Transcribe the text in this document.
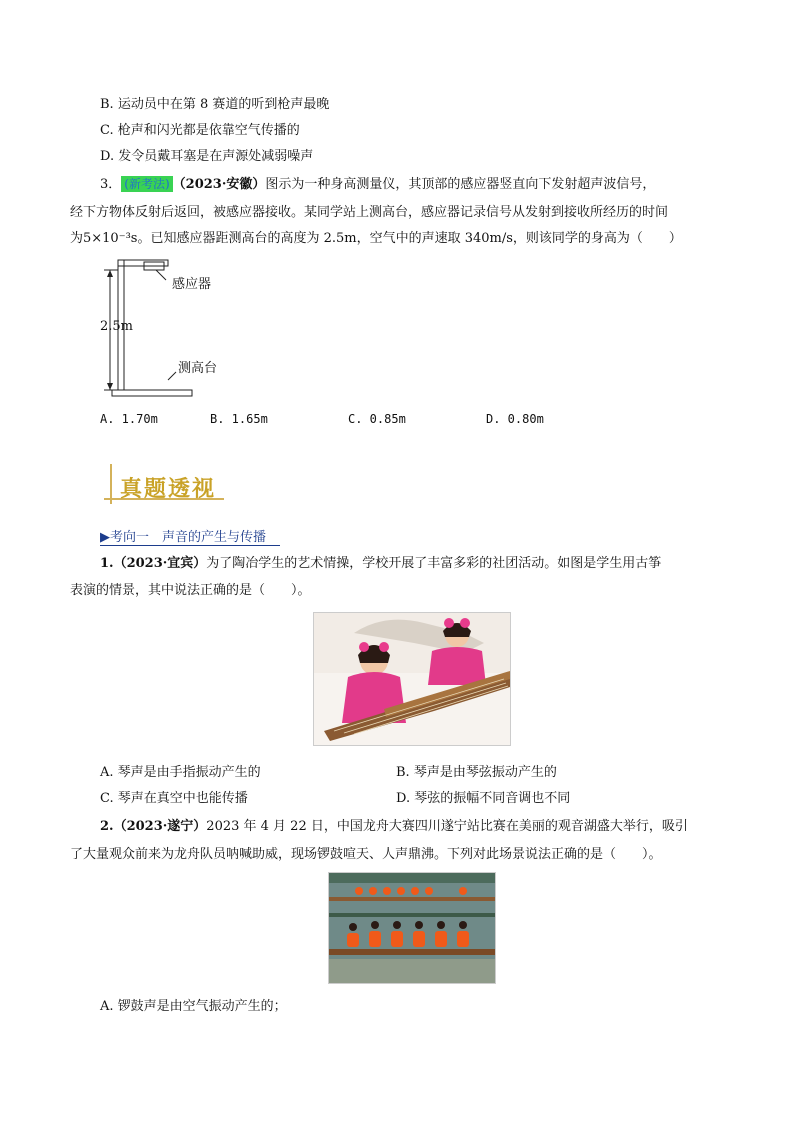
B. 运动员中在第 8 赛道的听到枪声最晚
C. 枪声和闪光都是依靠空气传播的
D. 发令员戴耳塞是在声源处减弱噪声
3． (新考法) （2023·安徽）图示为一种身高测量仪，其顶部的感应器竖直向下发射超声波信号，
经下方物体反射后返回，被感应器接收。某同学站上测高台，感应器记录信号从发射到接收所经历的时间
为5×10⁻³s。已知感应器距测高台的高度为 2.5m，空气中的声速取 340m/s，则该同学的身高为（　　）
感应器
2.5m
测高台
A. 1.70m	B. 1.65m	C. 0.85m	D. 0.80m
真题透视
▶考向一　声音的产生与传播
1.（2023·宜宾）为了陶冶学生的艺术情操，学校开展了丰富多彩的社团活动。如图是学生用古筝
表演的情景，其中说法正确的是（　　）。
A. 琴声是由手指振动产生的	B. 琴声是由琴弦振动产生的
C. 琴声在真空中也能传播	D. 琴弦的振幅不同音调也不同
2.（2023·遂宁）2023 年 4 月 22 日，中国龙舟大赛四川遂宁站比赛在美丽的观音湖盛大举行，吸引
了大量观众前来为龙舟队员呐喊助威，现场锣鼓喧天、人声鼎沸。下列对此场景说法正确的是（　　）。
A. 锣鼓声是由空气振动产生的；
